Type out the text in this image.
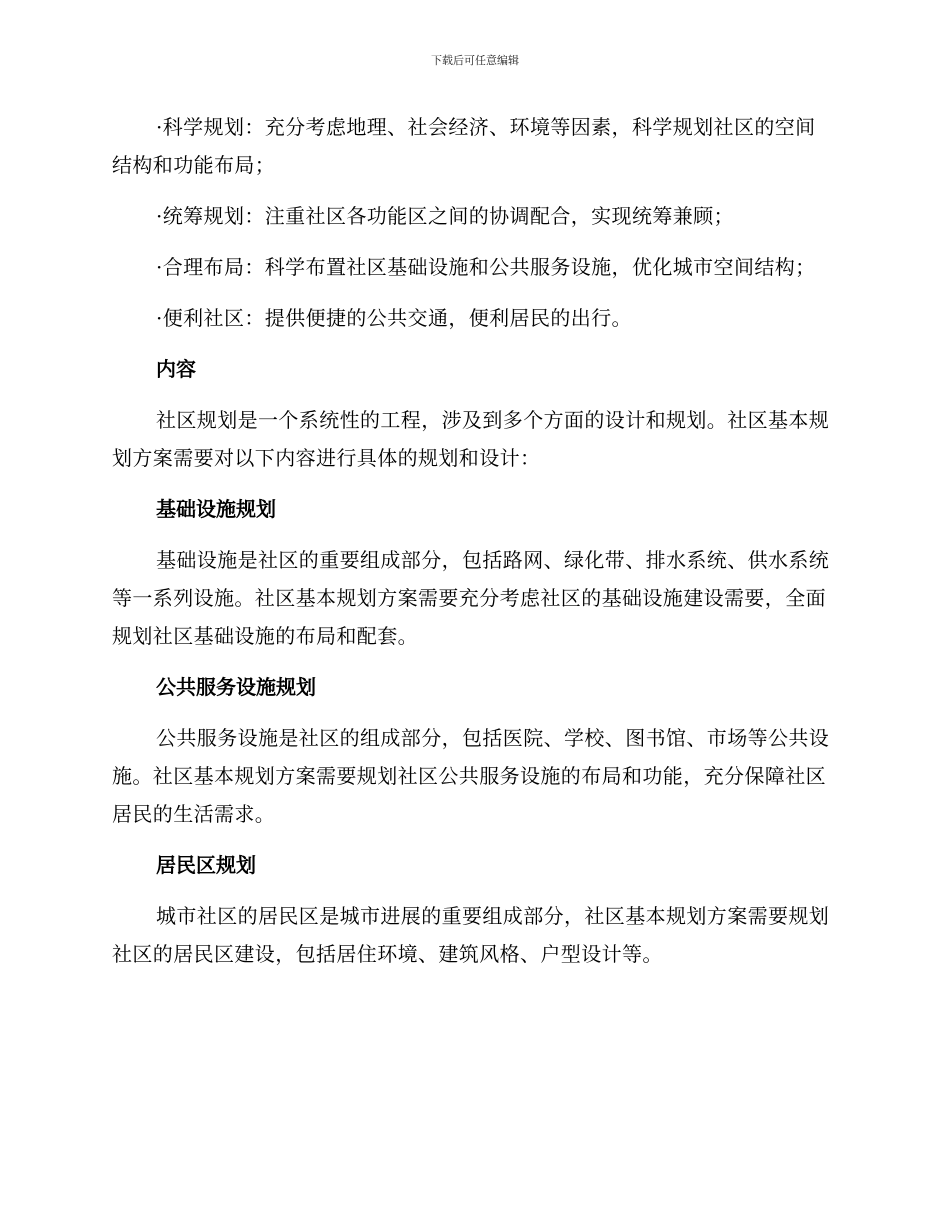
下载后可任意编辑

·科学规划：充分考虑地理、社会经济、环境等因素，科学规划社区的空间结构和功能布局；

·统筹规划：注重社区各功能区之间的协调配合，实现统筹兼顾；

·合理布局：科学布置社区基础设施和公共服务设施，优化城市空间结构；

·便利社区：提供便捷的公共交通，便利居民的出行。

内容

社区规划是一个系统性的工程，涉及到多个方面的设计和规划。社区基本规划方案需要对以下内容进行具体的规划和设计：

基础设施规划

基础设施是社区的重要组成部分，包括路网、绿化带、排水系统、供水系统等一系列设施。社区基本规划方案需要充分考虑社区的基础设施建设需要，全面规划社区基础设施的布局和配套。

公共服务设施规划

公共服务设施是社区的组成部分，包括医院、学校、图书馆、市场等公共设施。社区基本规划方案需要规划社区公共服务设施的布局和功能，充分保障社区居民的生活需求。

居民区规划

城市社区的居民区是城市进展的重要组成部分，社区基本规划方案需要规划社区的居民区建设，包括居住环境、建筑风格、户型设计等。
